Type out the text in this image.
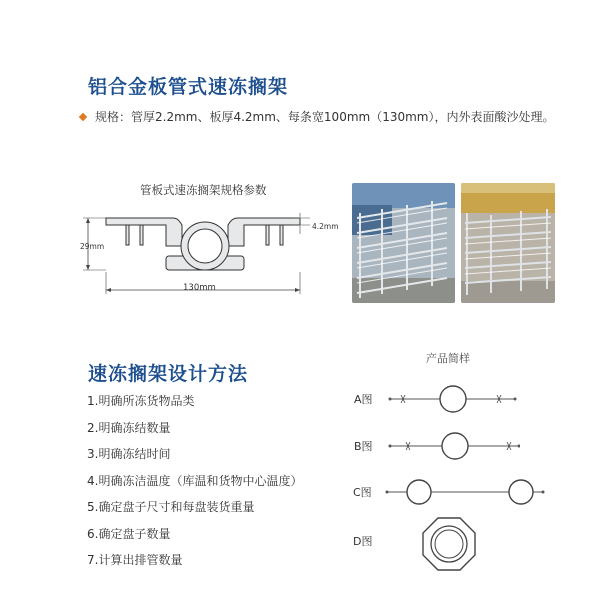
铝合金板管式速冻搁架
规格：管厚2.2mm、板厚4.2mm、每条宽100mm（130mm），内外表面酸沙处理。
管板式速冻搁架规格参数
29mm
4.2mm
130mm
速冻搁架设计方法
1.明确所冻货物品类
2.明确冻结数量
3.明确冻结时间
4.明确冻洁温度（库温和货物中心温度）
5.确定盘子尺寸和每盘装货重量
6.确定盘子数量
7.计算出排管数量
产品简样
A图
B图
C图
D图
